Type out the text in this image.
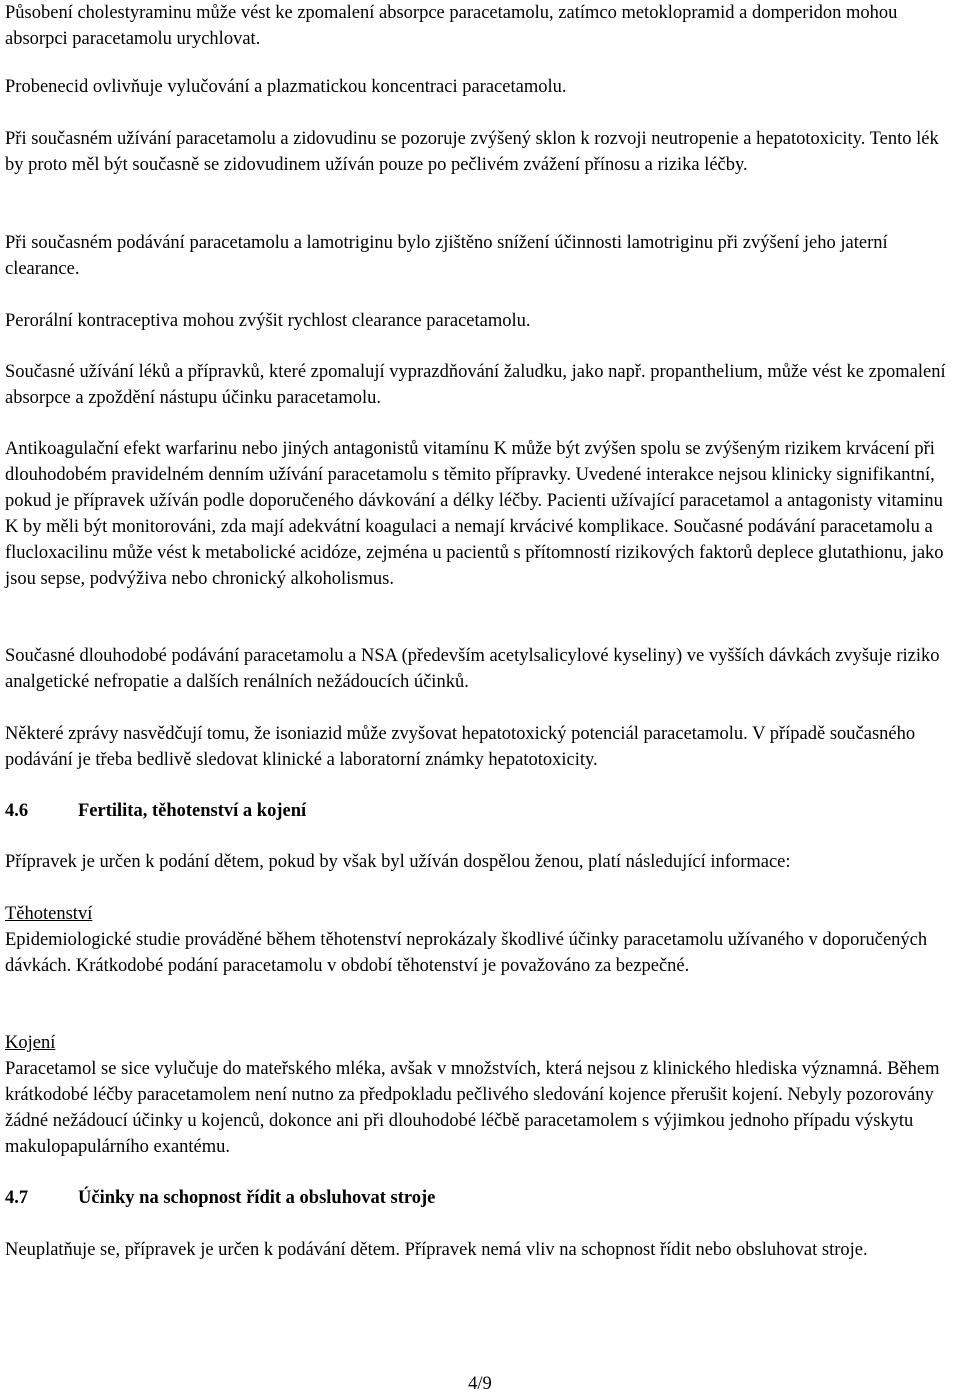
Působení cholestyraminu může vést ke zpomalení absorpce paracetamolu, zatímco metoklopramid a domperidon mohou absorpci paracetamolu urychlovat.

Probenecid ovlivňuje vylučování a plazmatickou koncentraci paracetamolu.

Při současném užívání paracetamolu a zidovudinu se pozoruje zvýšený sklon k rozvoji neutropenie a hepatotoxicity. Tento lék by proto měl být současně se zidovudinem užíván pouze po pečlivém zvážení přínosu a rizika léčby.

Při současném podávání paracetamolu a lamotriginu bylo zjištěno snížení účinnosti lamotriginu při zvýšení jeho jaterní clearance.

Perorální kontraceptiva mohou zvýšit rychlost clearance paracetamolu.

Současné užívání léků a přípravků, které zpomalují vyprazdňování žaludku, jako např. propanthelium, může vést ke zpomalení absorpce a zpoždění nástupu účinku paracetamolu.

Antikoagulační efekt warfarinu nebo jiných antagonistů vitamínu K může být zvýšen spolu se zvýšeným rizikem krvácení při dlouhodobém pravidelném denním užívání paracetamolu s těmito přípravky. Uvedené interakce nejsou klinicky signifikantní, pokud je přípravek užíván podle doporučeného dávkování a délky léčby. Pacienti užívající paracetamol a antagonisty vitaminu K by měli být monitorováni, zda mají adekvátní koagulaci a nemají krvácivé komplikace. Současné podávání paracetamolu a flucloxacilinu může vést k metabolické acidóze, zejména u pacientů s přítomností rizikových faktorů deplece glutathionu, jako jsou sepse, podvýživa nebo chronický alkoholismus.

Současné dlouhodobé podávání paracetamolu a NSA (především acetylsalicylové kyseliny) ve vyšších dávkách zvyšuje riziko analgetické nefropatie a dalších renálních nežádoucích účinků.

Některé zprávy nasvědčují tomu, že isoniazid může zvyšovat hepatotoxický potenciál paracetamolu. V případě současného podávání je třeba bedlivě sledovat klinické a laboratorní známky hepatotoxicity.

4.6	Fertilita, těhotenství a kojení

Přípravek je určen k podání dětem, pokud by však byl užíván dospělou ženou, platí následující informace:

Těhotenství

Epidemiologické studie prováděné během těhotenství neprokázaly škodlivé účinky paracetamolu užívaného v doporučených dávkách. Krátkodobé podání paracetamolu v období těhotenství je považováno za bezpečné.

Kojení

Paracetamol se sice vylučuje do mateřského mléka, avšak v množstvích, která nejsou z klinického hlediska významná. Během krátkodobé léčby paracetamolem není nutno za předpokladu pečlivého sledování kojence přerušit kojení. Nebyly pozorovány žádné nežádoucí účinky u kojenců, dokonce ani při dlouhodobé léčbě paracetamolem s výjimkou jednoho případu výskytu makulopapulárního exantému.

4.7	Účinky na schopnost řídit a obsluhovat stroje

Neuplatňuje se, přípravek je určen k podávání dětem. Přípravek nemá vliv na schopnost řídit nebo obsluhovat stroje.

4/9
